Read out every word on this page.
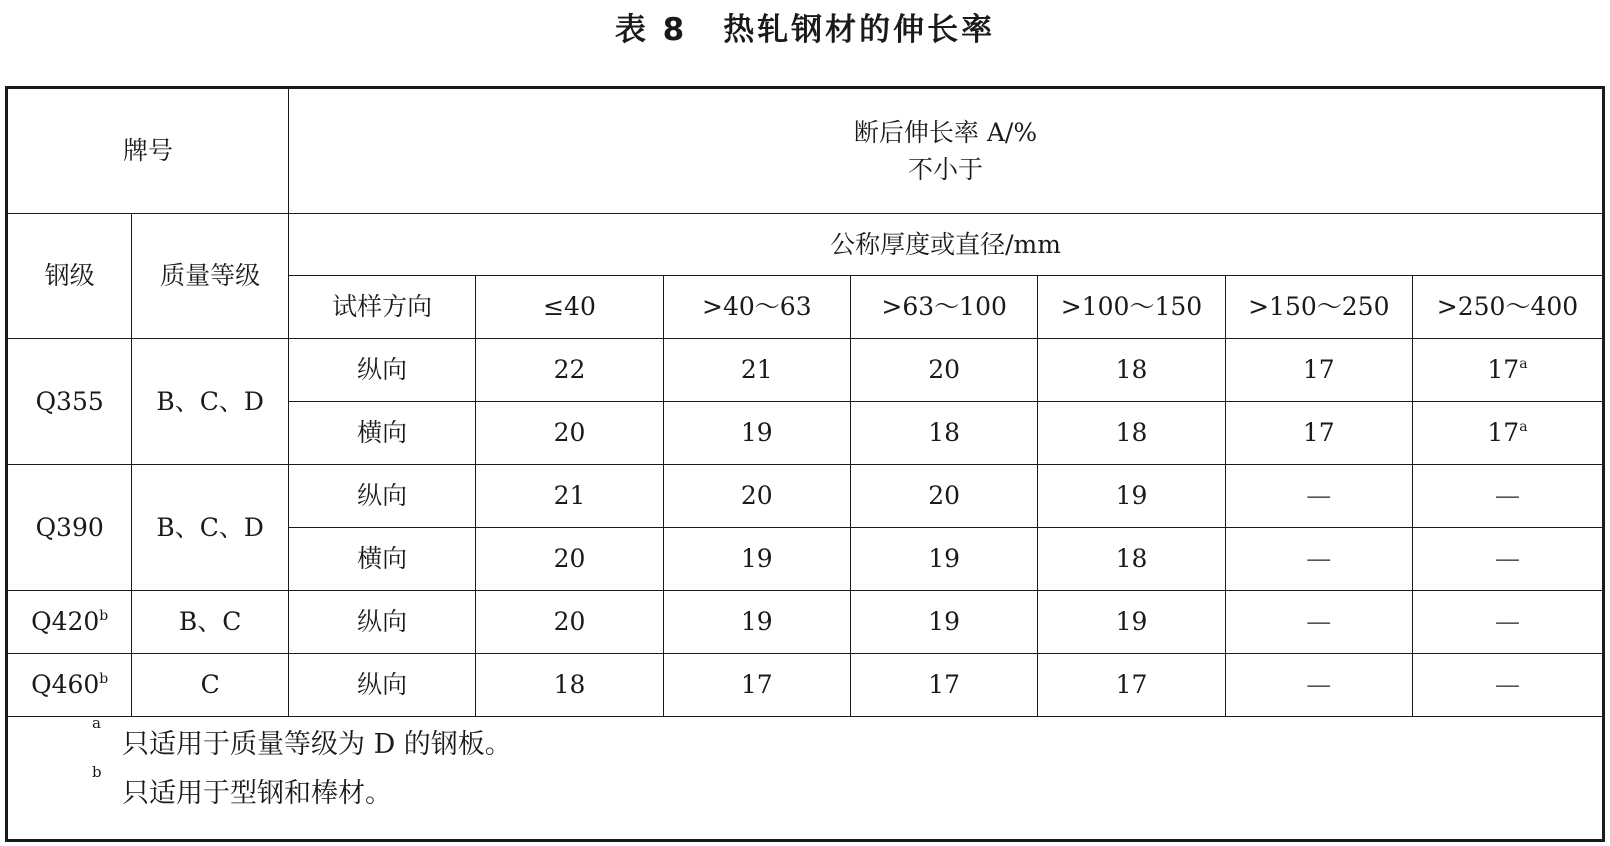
表 8 热轧钢材的伸长率
牌号		断后伸长率 A/%
不小于						

钢级	质量等级	公称厚度或直径/mm						
		试样方向	≤40	>40～63	>63～100	>100～150	>150～250	>250～400
Q355	B、C、D	纵向	22	21	20	18	17	17$^a$
		横向	20	19	18	18	17	17$^a$
Q390	B、C、D	纵向	21	20	20	19	—	—
		横向	20	19	19	18	—	—
Q420$^b$	B、C	纵向	20	19	19	19	—	—
Q460$^b$	C	纵向	18	17	17	17	—	—
a
只适用于质量等级为 D 的钢板。
b
只适用于型钢和棒材。
